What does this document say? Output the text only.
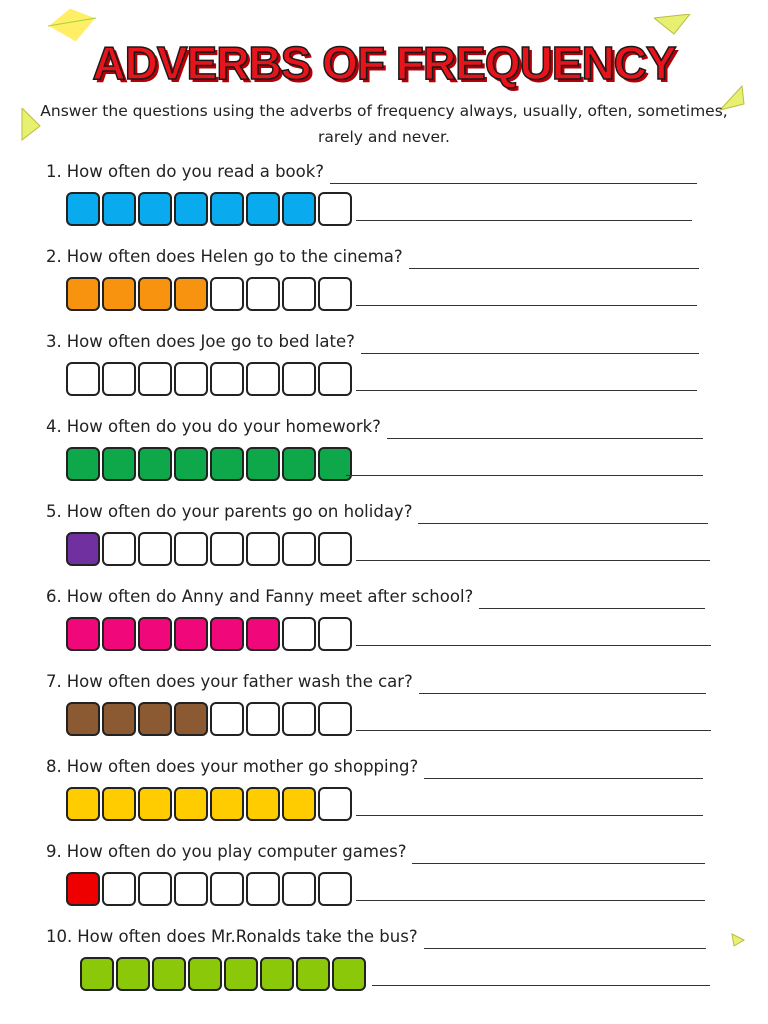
ADVERBS OF FREQUENCY
Answer the questions using the adverbs of frequency always, usually, often, sometimes, rarely and never.
1. How often do you read a book?
2. How often does Helen go to the cinema?
3. How often does Joe go to bed late?
4. How often do you do your homework?
5. How often do your parents go on holiday?
6. How often do Anny and Fanny meet after school?
7. How often does your father wash the car?
8. How often does your mother go shopping?
9. How often do you play computer games?
10. How often does Mr.Ronalds take the bus?
